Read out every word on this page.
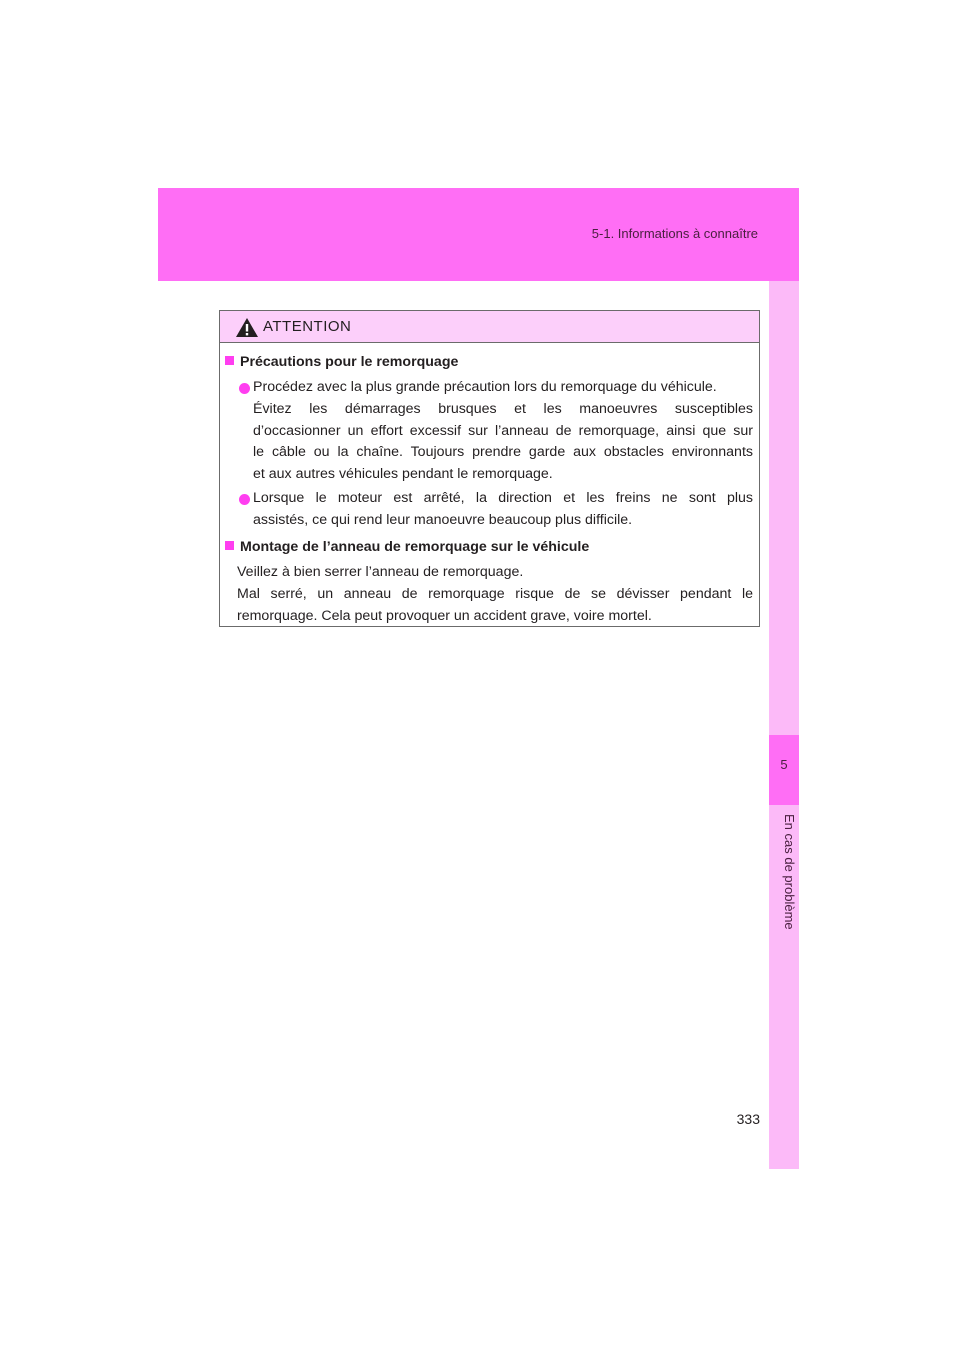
5-1. Informations à connaître
5
En cas de problème
ATTENTION
Précautions pour le remorquage
Procédez avec la plus grande précaution lors du remorquage du véhicule.
Évitez les démarrages brusques et les manoeuvres susceptibles
d’occasionner un effort excessif sur l’anneau de remorquage, ainsi que sur
le câble ou la chaîne. Toujours prendre garde aux obstacles environnants
et aux autres véhicules pendant le remorquage.
Lorsque le moteur est arrêté, la direction et les freins ne sont plus
assistés, ce qui rend leur manoeuvre beaucoup plus difficile.
Montage de l’anneau de remorquage sur le véhicule
Veillez à bien serrer l’anneau de remorquage.
Mal serré, un anneau de remorquage risque de se dévisser pendant le
remorquage. Cela peut provoquer un accident grave, voire mortel.
333
